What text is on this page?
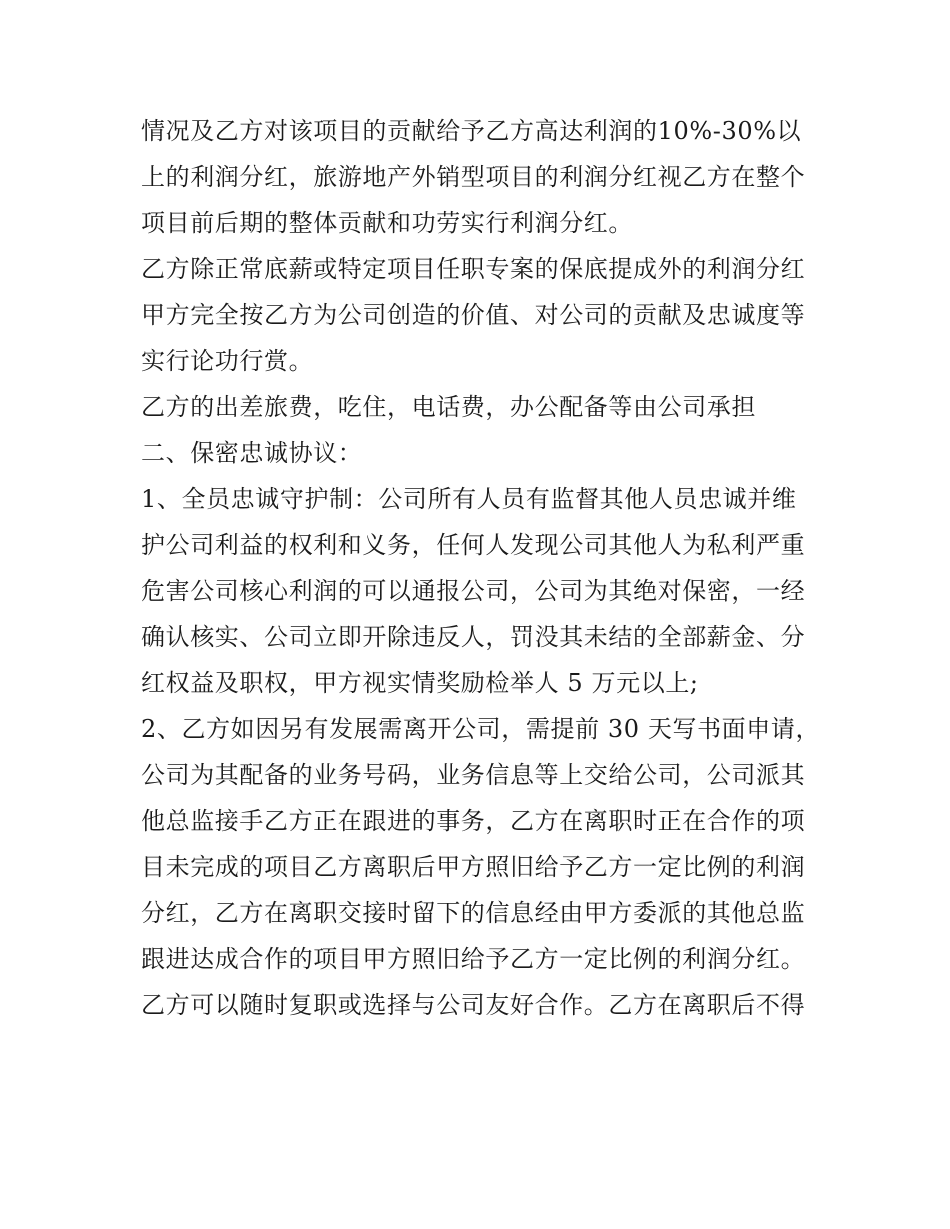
情况及乙方对该项目的贡献给予乙方高达利润的10%-30%以
上的利润分红，旅游地产外销型项目的利润分红视乙方在整个
项目前后期的整体贡献和功劳实行利润分红。
乙方除正常底薪或特定项目任职专案的保底提成外的利润分红
甲方完全按乙方为公司创造的价值、对公司的贡献及忠诚度等
实行论功行赏。
乙方的出差旅费，吃住，电话费，办公配备等由公司承担
二、保密忠诚协议：
1、全员忠诚守护制：公司所有人员有监督其他人员忠诚并维
护公司利益的权利和义务，任何人发现公司其他人为私利严重
危害公司核心利润的可以通报公司，公司为其绝对保密，一经
确认核实、公司立即开除违反人，罚没其未结的全部薪金、分
红权益及职权，甲方视实情奖励检举人 5 万元以上;
2、乙方如因另有发展需离开公司，需提前 30 天写书面申请，
公司为其配备的业务号码，业务信息等上交给公司，公司派其
他总监接手乙方正在跟进的事务，乙方在离职时正在合作的项
目未完成的项目乙方离职后甲方照旧给予乙方一定比例的利润
分红，乙方在离职交接时留下的信息经由甲方委派的其他总监
跟进达成合作的项目甲方照旧给予乙方一定比例的利润分红。
乙方可以随时复职或选择与公司友好合作。乙方在离职后不得
